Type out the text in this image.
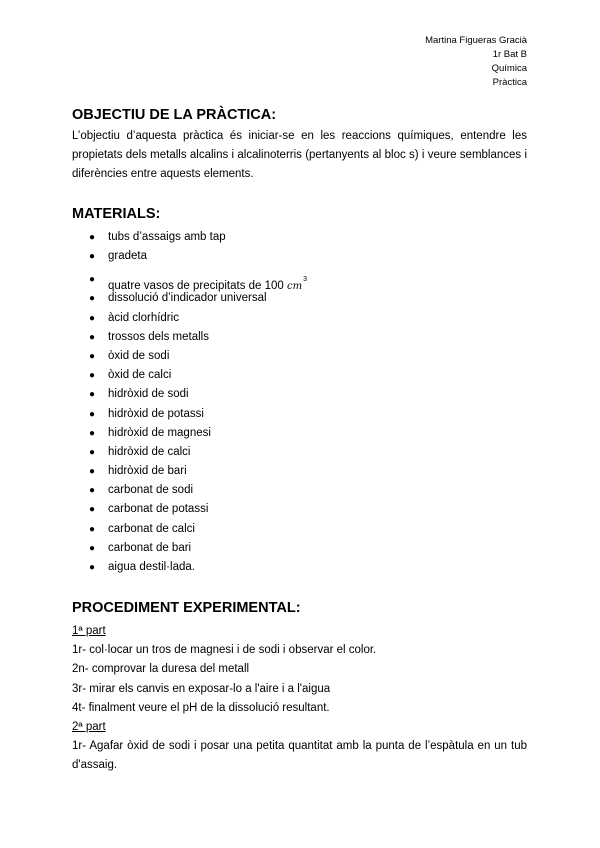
Martina Figueras Gracià
1r Bat B
Química
Pràctica
OBJECTIU DE LA PRÀCTICA:

L’objectiu d’aquesta pràctica és iniciar-se en les reaccions químiques, entendre les propietats dels metalls alcalins i alcalinoterris (pertanyents al bloc s) i veure semblances i diferències entre aquests elements.

MATERIALS:
● tubs d’assaigs amb tap
● gradeta
●
quatre vasos de precipitats de 100 $cm^3$
● dissolució d’indicador universal
● àcid clorhídric
● trossos dels metalls
● òxid de sodi
● òxid de calci
● hidròxid de sodi
● hidròxid de potassi
● hidròxid de magnesi
● hidròxid de calci
● hidròxid de bari
● carbonat de sodi
● carbonat de potassi
● carbonat de calci
● carbonat de bari
● aigua destil·lada.
PROCEDIMENT EXPERIMENTAL:

1ª part

1r- col·locar un tros de magnesi i de sodi i observar el color.

2n- comprovar la duresa del metall

3r- mirar els canvis en exposar-lo a l'aire i a l'aigua

4t- finalment veure el pH de la dissolució resultant.

2ª part

1r- Agafar òxid de sodi i posar una petita quantitat amb la punta de l’espàtula en un tub d'assaig.
